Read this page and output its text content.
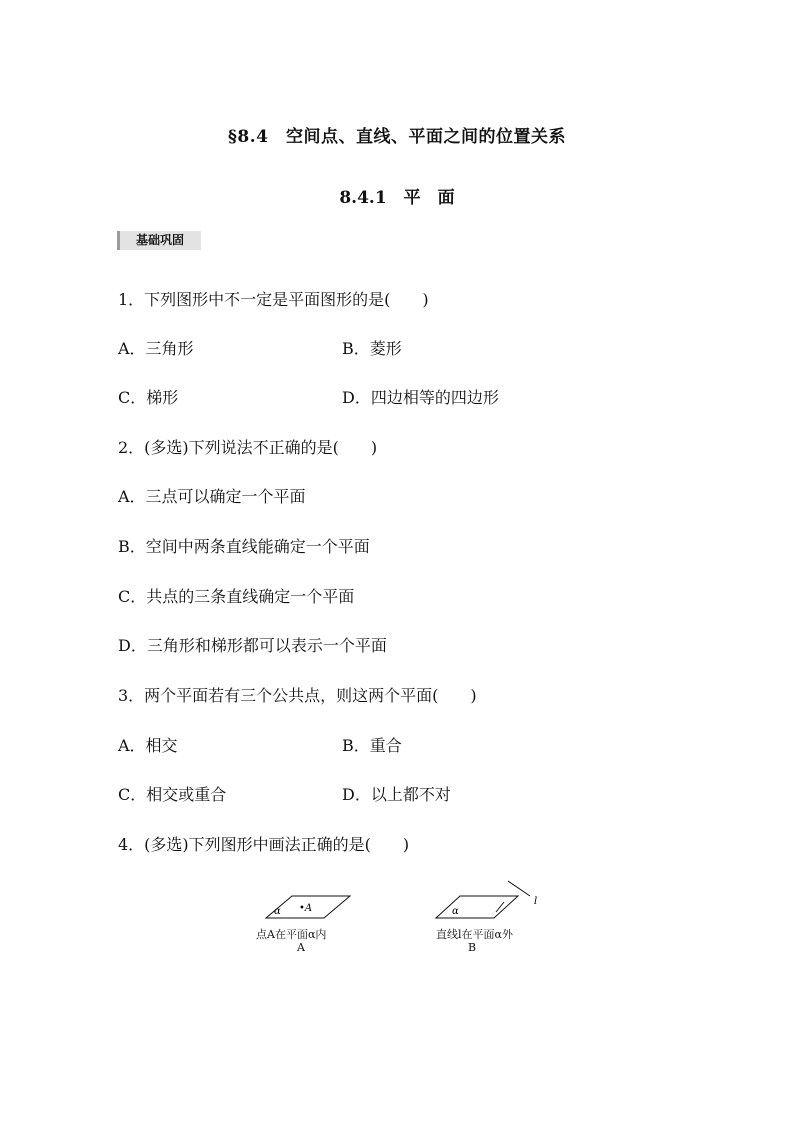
§8.4　空间点、直线、平面之间的位置关系
8.4.1　平　面
基础巩固
1．下列图形中不一定是平面图形的是(　　)
A．三角形	B．菱形
C．梯形	D．四边相等的四边形
2．(多选)下列说法不正确的是(　　)
A．三点可以确定一个平面
B．空间中两条直线能确定一个平面
C．共点的三条直线确定一个平面
D．三角形和梯形都可以表示一个平面
3．两个平面若有三个公共点，则这两个平面(　　)
A．相交	B．重合
C．相交或重合	D．以上都不对
4．(多选)下列图形中画法正确的是(　　)
α •A	α
l
点A在平面α内
A
直线l在平面α外
B
